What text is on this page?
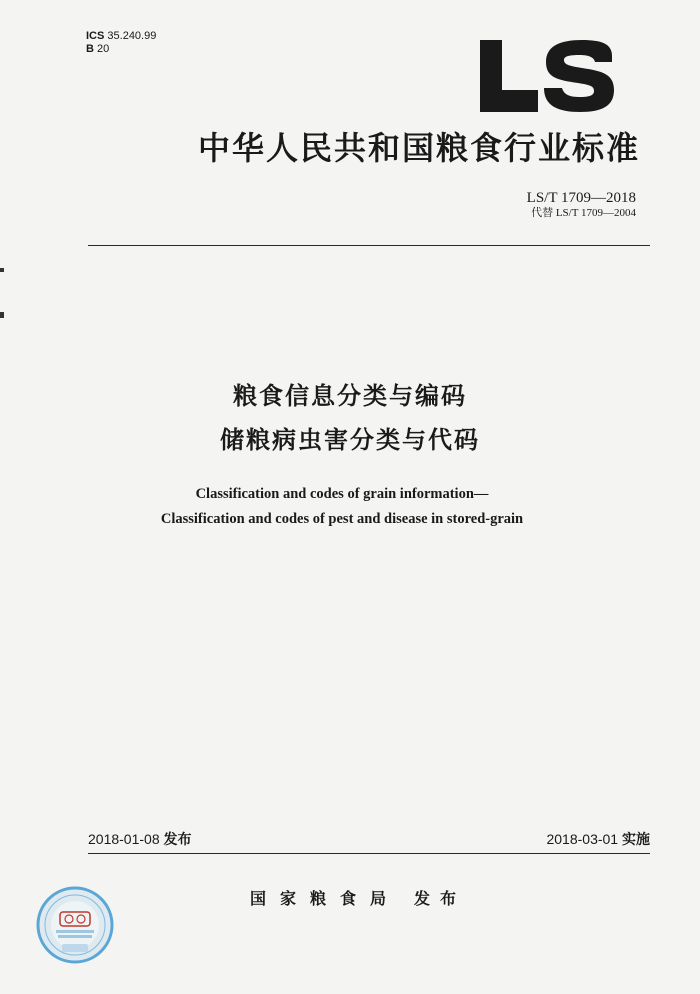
ICS 35.240.99
B 20
中华人民共和国粮食行业标准
LS/T 1709—2018
代替 LS/T 1709—2004
粮食信息分类与编码
储粮病虫害分类与代码
Classification and codes of grain information—
Classification and codes of pest and disease in stored-grain
2018-01-08 发布	2018-03-01 实施
国家粮食局 发布
